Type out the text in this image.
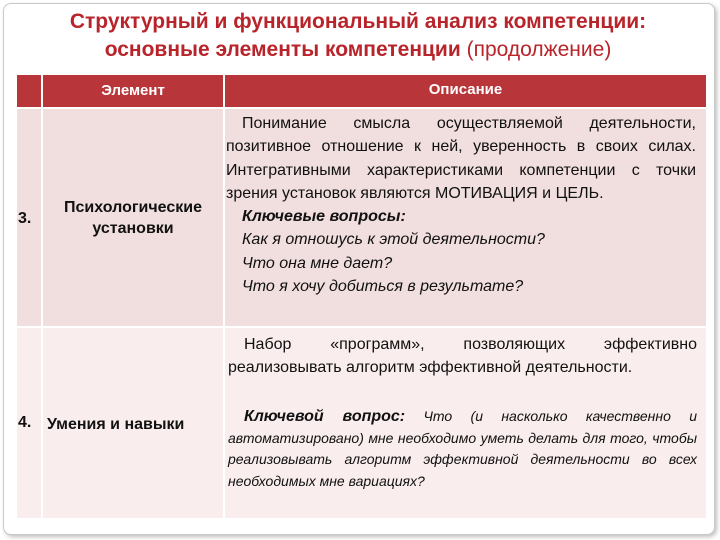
Структурный и функциональный анализ компетенции:
основные элементы компетенции (продолжение)
Элемент	Описание
3.
Психологические
установки
Понимание смысла осуществляемой деятельности, позитивное отношение к ней, уверенность в своих силах. Интегративными характеристиками компетенции с точки зрения установок являются МОТИВАЦИЯ и ЦЕЛЬ.
Ключевые вопросы:
Как я отношусь к этой деятельности?
Что она мне дает?
Что я хочу добиться в результате?
4. Умения и навыки
Набор «программ», позволяющих эффективно реализовывать алгоритм эффективной деятельности.
Ключевой вопрос: Что (и насколько качественно и автоматизировано) мне необходимо уметь делать для того, чтобы реализовывать алгоритм эффективной деятельности во всех необходимых мне вариациях?
